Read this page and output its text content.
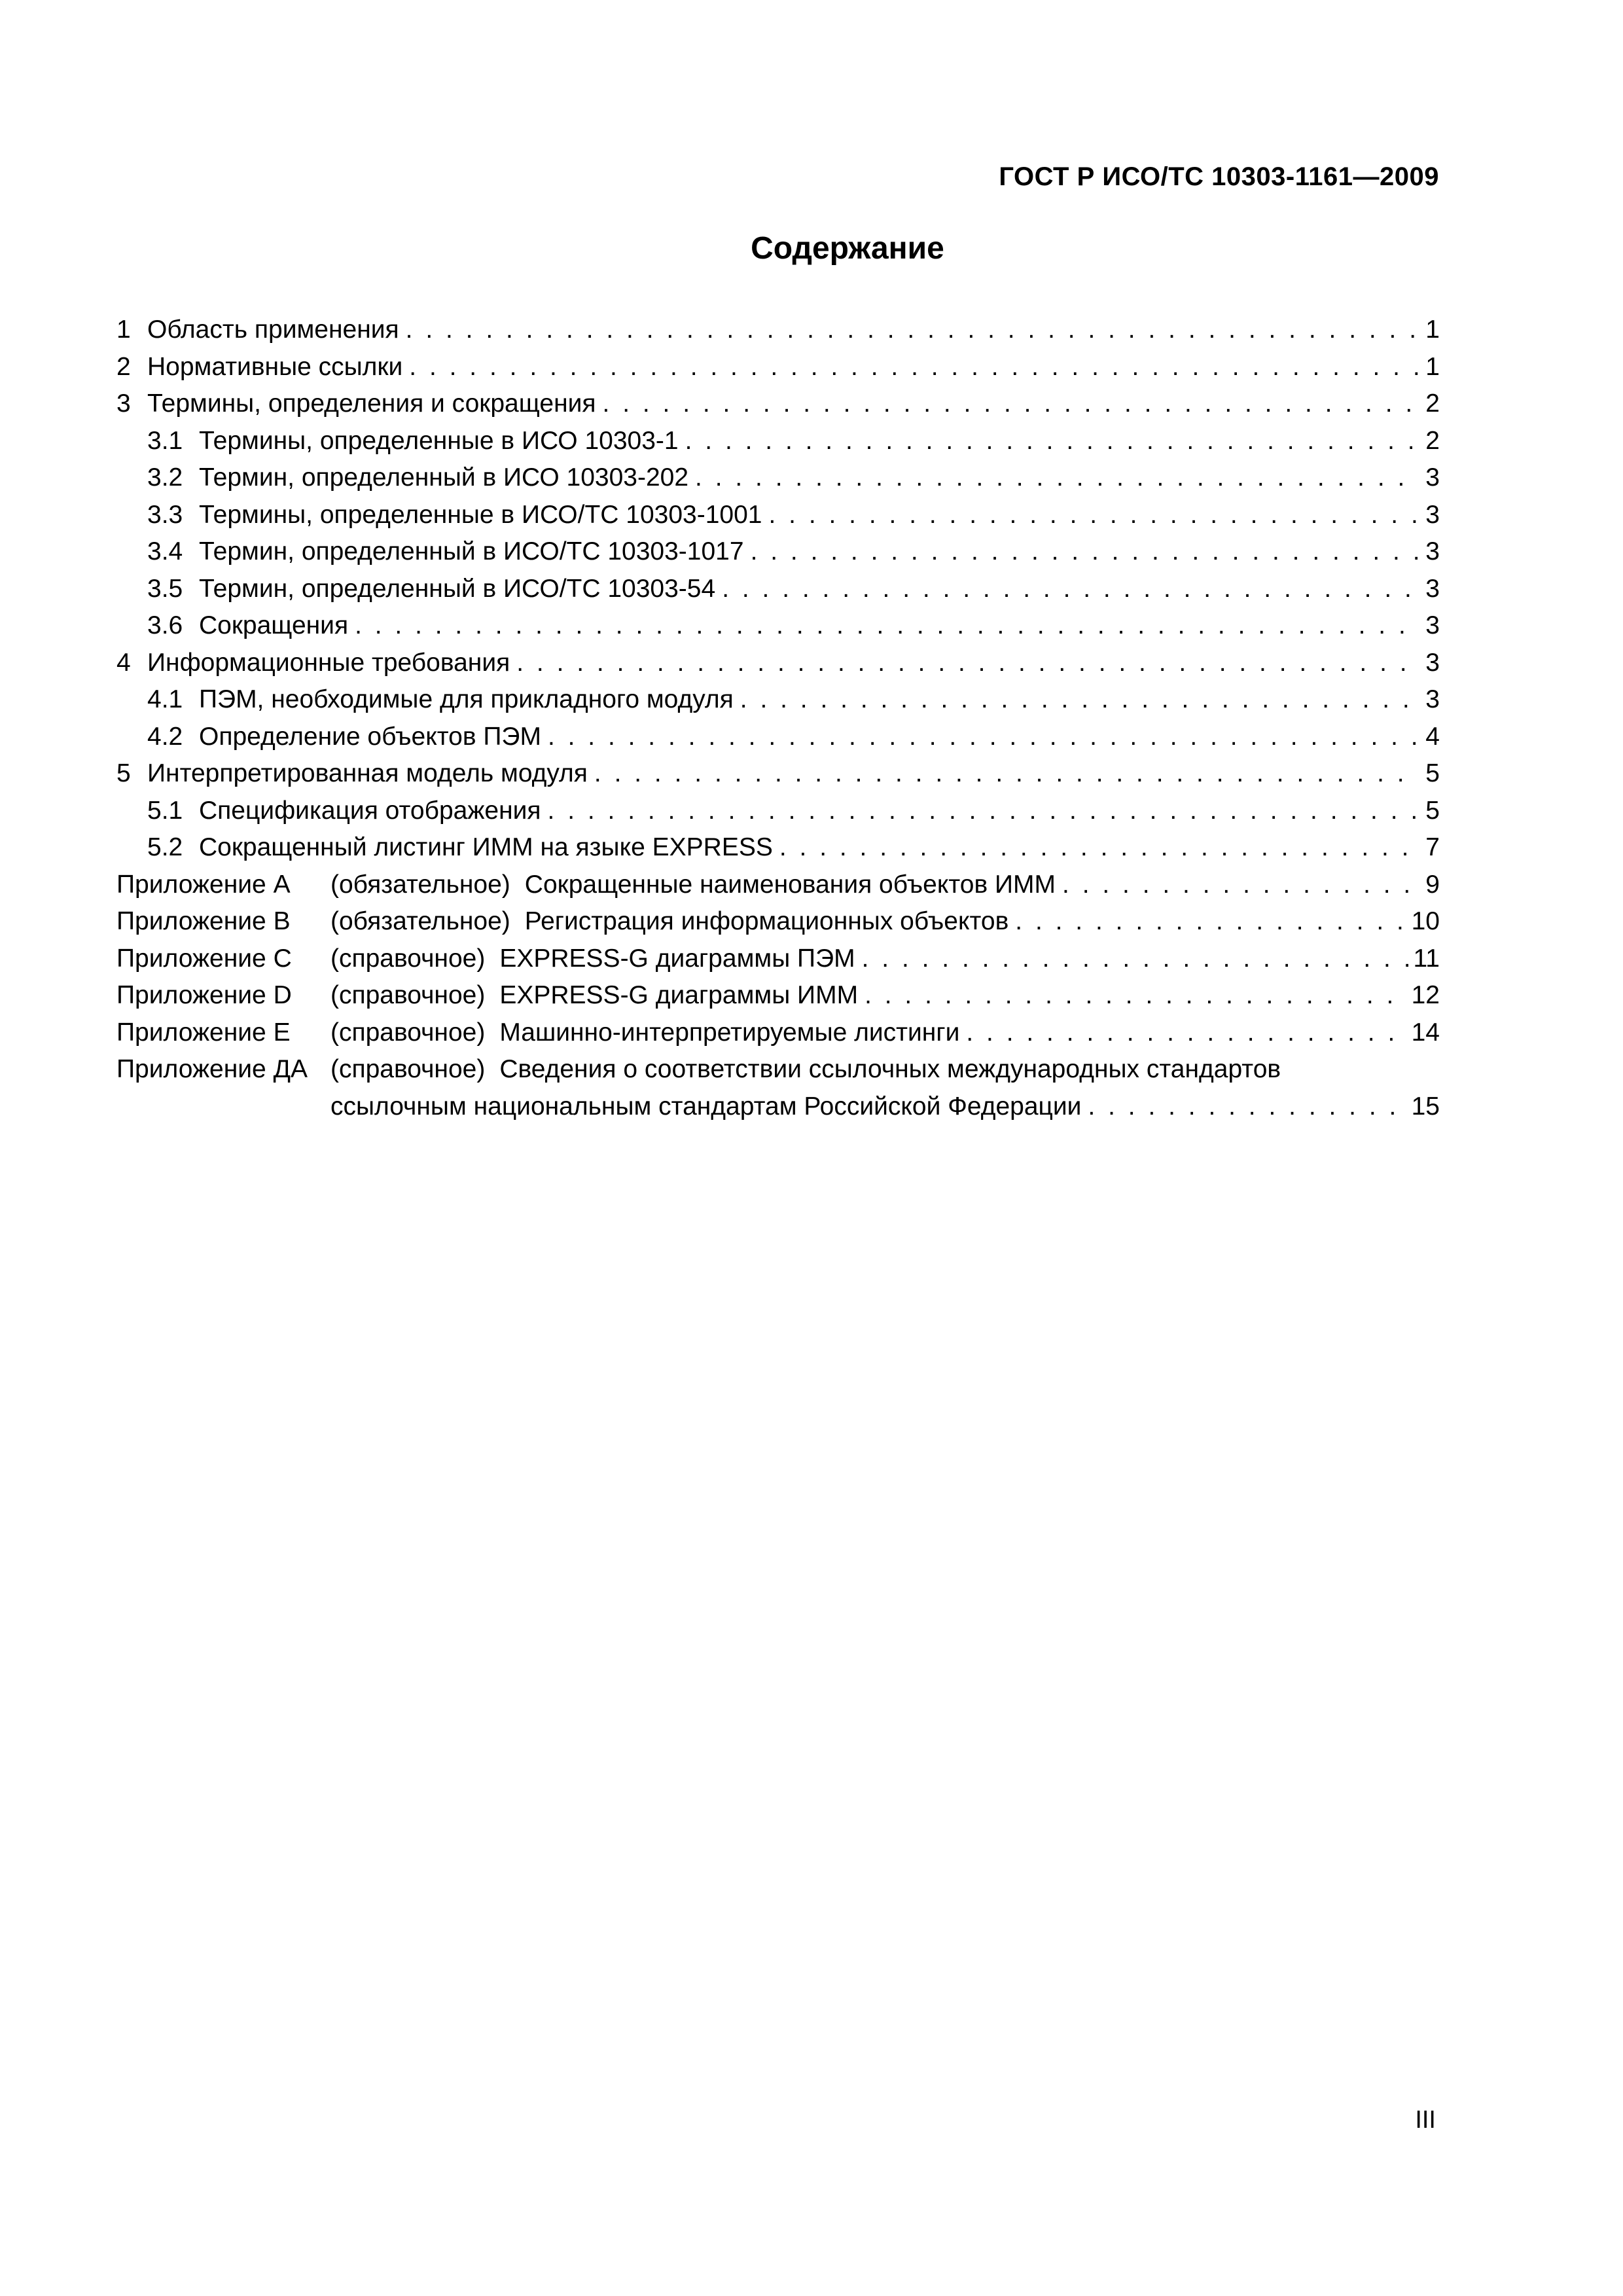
ГОСТ Р ИСО/ТС 10303-1161—2009
Содержание
1 Область применения . . .	1
2 Нормативные ссылки . . .	1
3 Термины, определения и сокращения . . .	2
3.1 Термины, определенные в ИСО 10303-1 . . .	2
3.2 Термин, определенный в ИСО 10303-202 . . .	3
3.3 Термины, определенные в ИСО/ТС 10303-1001 . . .	3
3.4 Термин, определенный в ИСО/ТС 10303-1017 . . .	3
3.5 Термин, определенный в ИСО/ТС 10303-54 . . .	3
3.6 Сокращения . . .	3
4 Информационные требования . . .	3
4.1 ПЭМ, необходимые для прикладного модуля . . .	3
4.2 Определение объектов ПЭМ . . .	4
5 Интерпретированная модель модуля . . .	5
5.1 Спецификация отображения . . .	5
5.2 Сокращенный листинг ИММ на языке EXPRESS . . .	7
Приложение А	(обязательное) Сокращенные наименования объектов ИММ . . .	9
Приложение В	(обязательное) Регистрация информационных объектов . . .	10
Приложение С	(справочное) EXPRESS-G диаграммы ПЭМ . . .	11
Приложение D	(справочное) EXPRESS-G диаграммы ИММ . . .	12
Приложение Е	(справочное) Машинно-интерпретируемые листинги . . .	14
Приложение ДА (справочное) Сведения о соответствии ссылочных международных стандартов
ссылочным национальным стандартам Российской Федерации . . .	15
III
